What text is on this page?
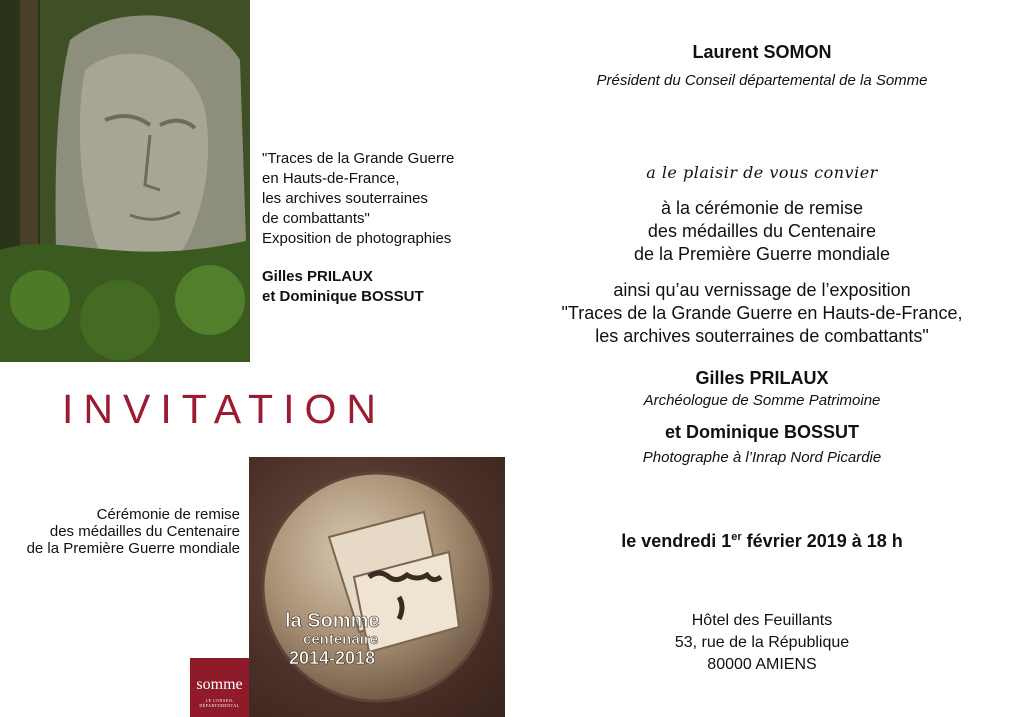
"Traces de la Grande Guerre
en Hauts-de-France,
les archives souterraines
de combattants"
Exposition de photographies
Gilles PRILAUX
et Dominique BOSSUT
INVITATION
Cérémonie de remise
des médailles du Centenaire
de la Première Guerre mondiale
la Somme
centenaire
2014-2018
somme
LE CONSEIL DÉPARTEMENTAL
Laurent SOMON
Président du Conseil départemental de la Somme
a le plaisir de vous convier
à la cérémonie de remise
des médailles du Centenaire
de la Première Guerre mondiale
ainsi qu’au vernissage de l’exposition
"Traces de la Grande Guerre en Hauts-de-France,
les archives souterraines de combattants"
Gilles PRILAUX
Archéologue de Somme Patrimoine
et Dominique BOSSUT
Photographe à l’Inrap Nord Picardie
le vendredi 1er février 2019 à 18 h
Hôtel des Feuillants
53, rue de la République
80000 AMIENS
